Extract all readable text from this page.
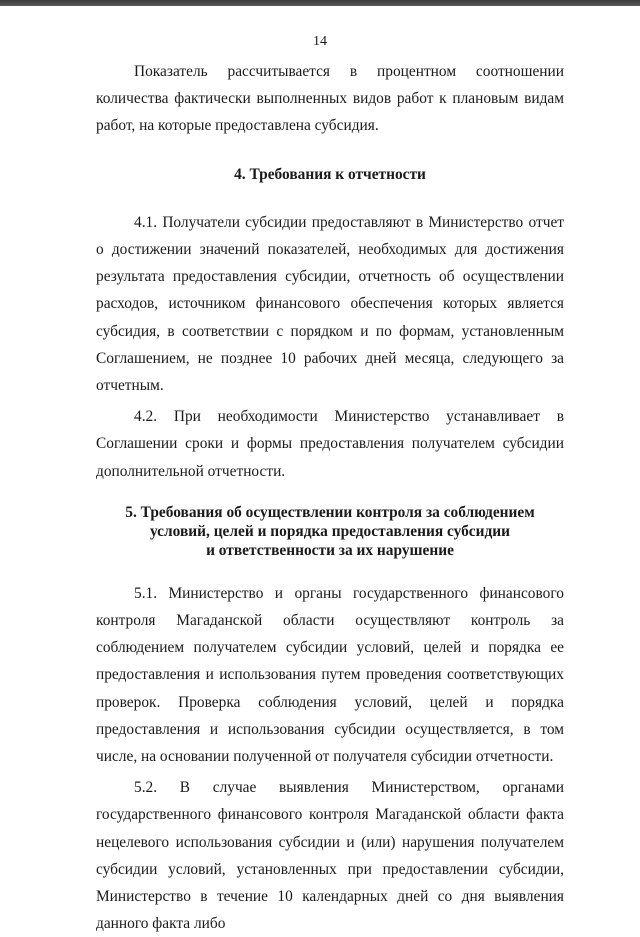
14

Показатель рассчитывается в процентном соотношении количества фактически выполненных видов работ к плановым видам работ, на которые предоставлена субсидия.

4. Требования к отчетности

4.1. Получатели субсидии предоставляют в Министерство отчет о достижении значений показателей, необходимых для достижения результата предоставления субсидии, отчетность об осуществлении расходов, источником финансового обеспечения которых является субсидия, в соответствии с порядком и по формам, установленным Соглашением, не позднее 10 рабочих дней месяца, следующего за отчетным.

4.2. При необходимости Министерство устанавливает в Соглашении сроки и формы предоставления получателем субсидии дополнительной отчетности.

5. Требования об осуществлении контроля за соблюдением
условий, целей и порядка предоставления субсидии
и ответственности за их нарушение

5.1. Министерство и органы государственного финансового контроля Магаданской области осуществляют контроль за соблюдением получателем субсидии условий, целей и порядка ее предоставления и использования путем проведения соответствующих проверок. Проверка соблюдения условий, целей и порядка предоставления и использования субсидии осуществляется, в том числе, на основании полученной от получателя субсидии отчетности.

5.2. В случае выявления Министерством, органами государственного финансового контроля Магаданской области факта нецелевого использования субсидии и (или) нарушения получателем субсидии условий, установленных при предоставлении субсидии, Министерство в течение 10 календарных дней со дня выявления данного факта либо
